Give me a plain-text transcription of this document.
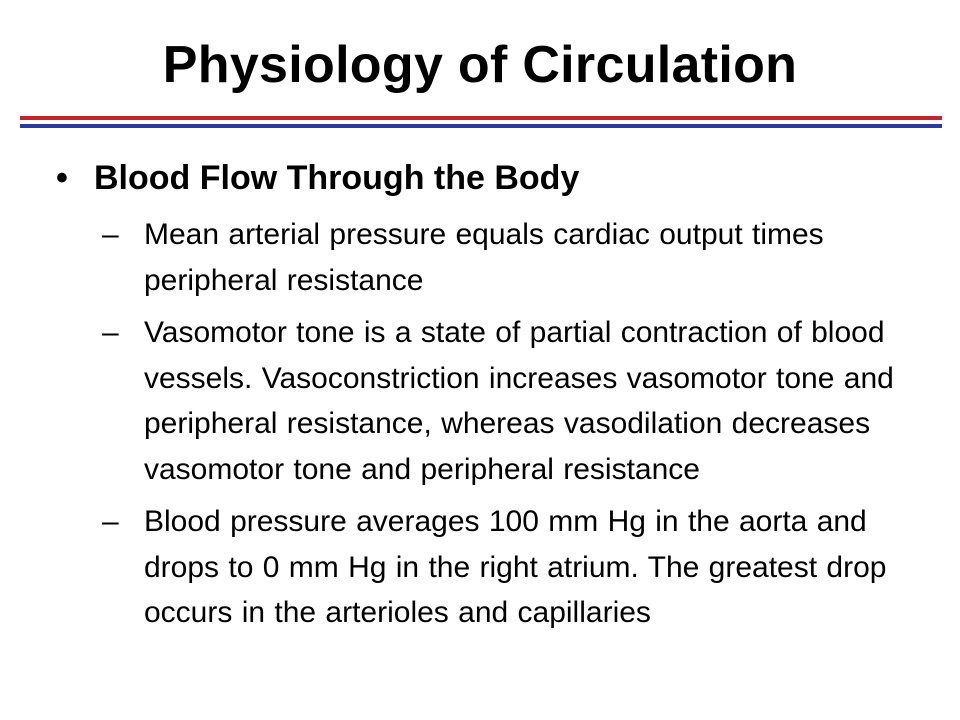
Physiology of Circulation
• Blood Flow Through the Body
– Mean arterial pressure equals cardiac output times peripheral resistance
– Vasomotor tone is a state of partial contraction of blood vessels. Vasoconstriction increases vasomotor tone and peripheral resistance, whereas vasodilation decreases vasomotor tone and peripheral resistance
– Blood pressure averages 100 mm Hg in the aorta and drops to 0 mm Hg in the right atrium. The greatest drop occurs in the arterioles and capillaries
